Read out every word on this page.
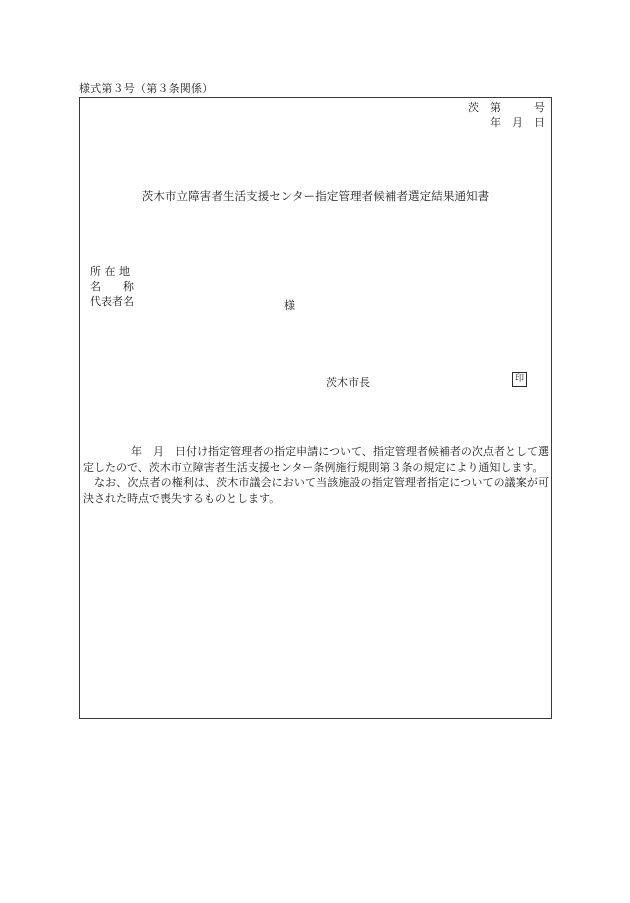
様式第３号（第３条関係）
茨　第　　　号
年　月　日
茨木市立障害者生活支援センター指定管理者候補者選定結果通知書
所 在 地
名　　称
代表者名	様
茨木市長	印

年　月　日付け指定管理者の指定申請について、指定管理者候補者の次点者として選定したので、茨木市立障害者生活支援センター条例施行規則第３条の規定により通知します。

なお、次点者の権利は、茨木市議会において当該施設の指定管理者指定についての議案が可決された時点で喪失するものとします。
